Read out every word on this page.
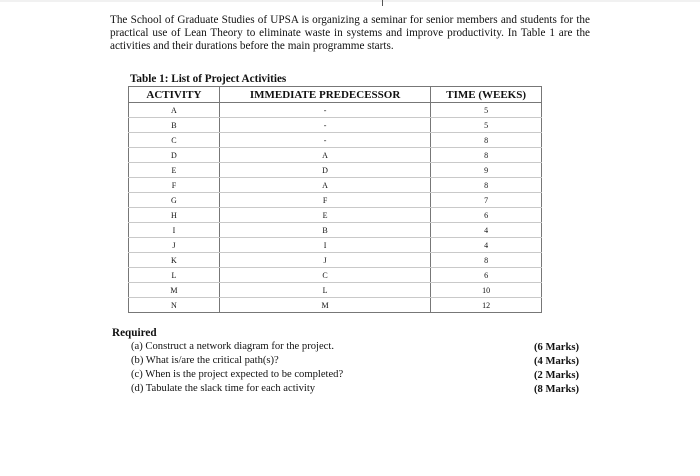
The School of Graduate Studies of UPSA is organizing a seminar for senior members and students for the practical use of Lean Theory to eliminate waste in systems and improve productivity. In Table 1 are the activities and their durations before the main programme starts.

Table 1: List of Project Activities
ACTIVITY	IMMEDIATE PREDECESSOR	TIME (WEEKS)
A	-	5
B	-	5
C	-	8
D	A	8
E	D	9
F	A	8
G	F	7
H	E	6
I	B	4
J	I	4
K	J	8
L	C	6
M	L	10
N	M	12
Required
(a) Construct a network diagram for the project.	(6 Marks)
(b) What is/are the critical path(s)?	(4 Marks)
(c) When is the project expected to be completed?	(2 Marks)
(d) Tabulate the slack time for each activity	(8 Marks)
